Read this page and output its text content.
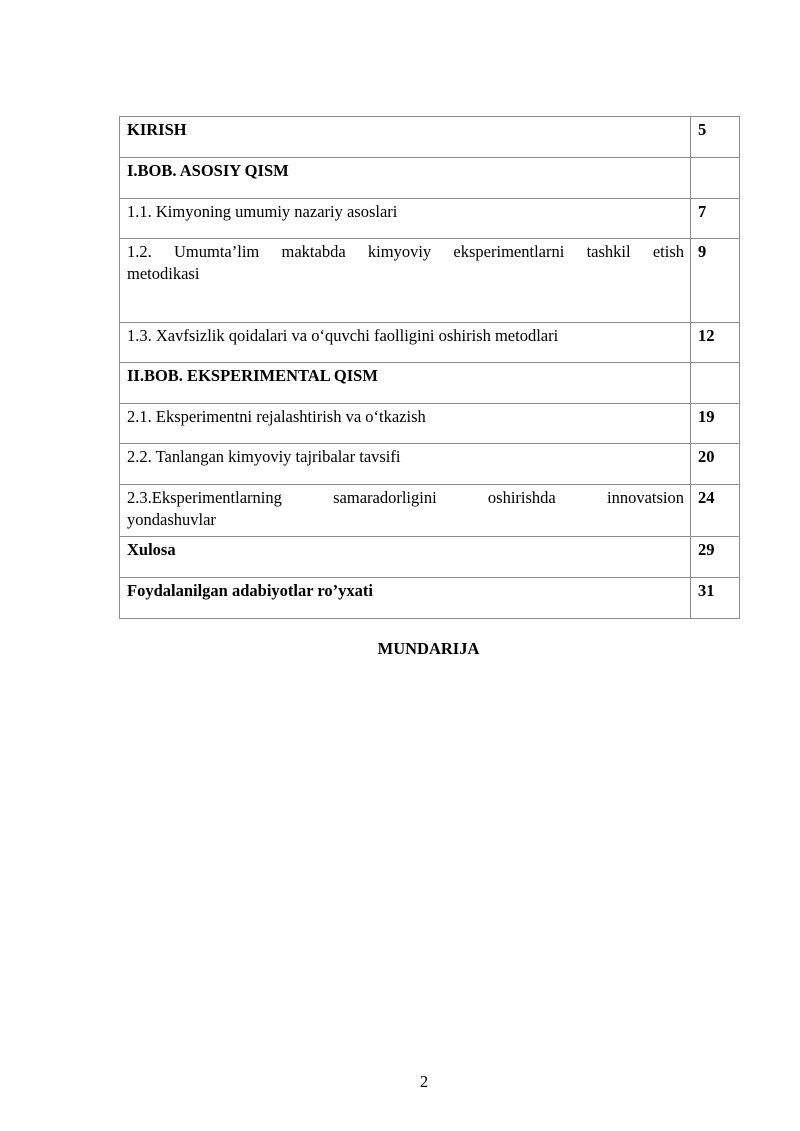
KIRISH	5
I.BOB. ASOSIY QISM	
1.1. Kimyoning umumiy nazariy asoslari	7

1.2. Umumta’lim maktabda kimyoviy eksperimentlarni tashkil etish
metodikasi	9
1.3. Xavfsizlik qoidalari va o‘quvchi faolligini oshirish metodlari	12
II.BOB. EKSPERIMENTAL QISM	
2.1. Eksperimentni rejalashtirish va o‘tkazish	19
2.2. Tanlangan kimyoviy tajribalar tavsifi	20

2.3.Eksperimentlarning samaradorligini oshirishda innovatsion
yondashuvlar	24
Xulosa	29
Foydalanilgan adabiyotlar ro’yxati	31
MUNDARIJA
2
